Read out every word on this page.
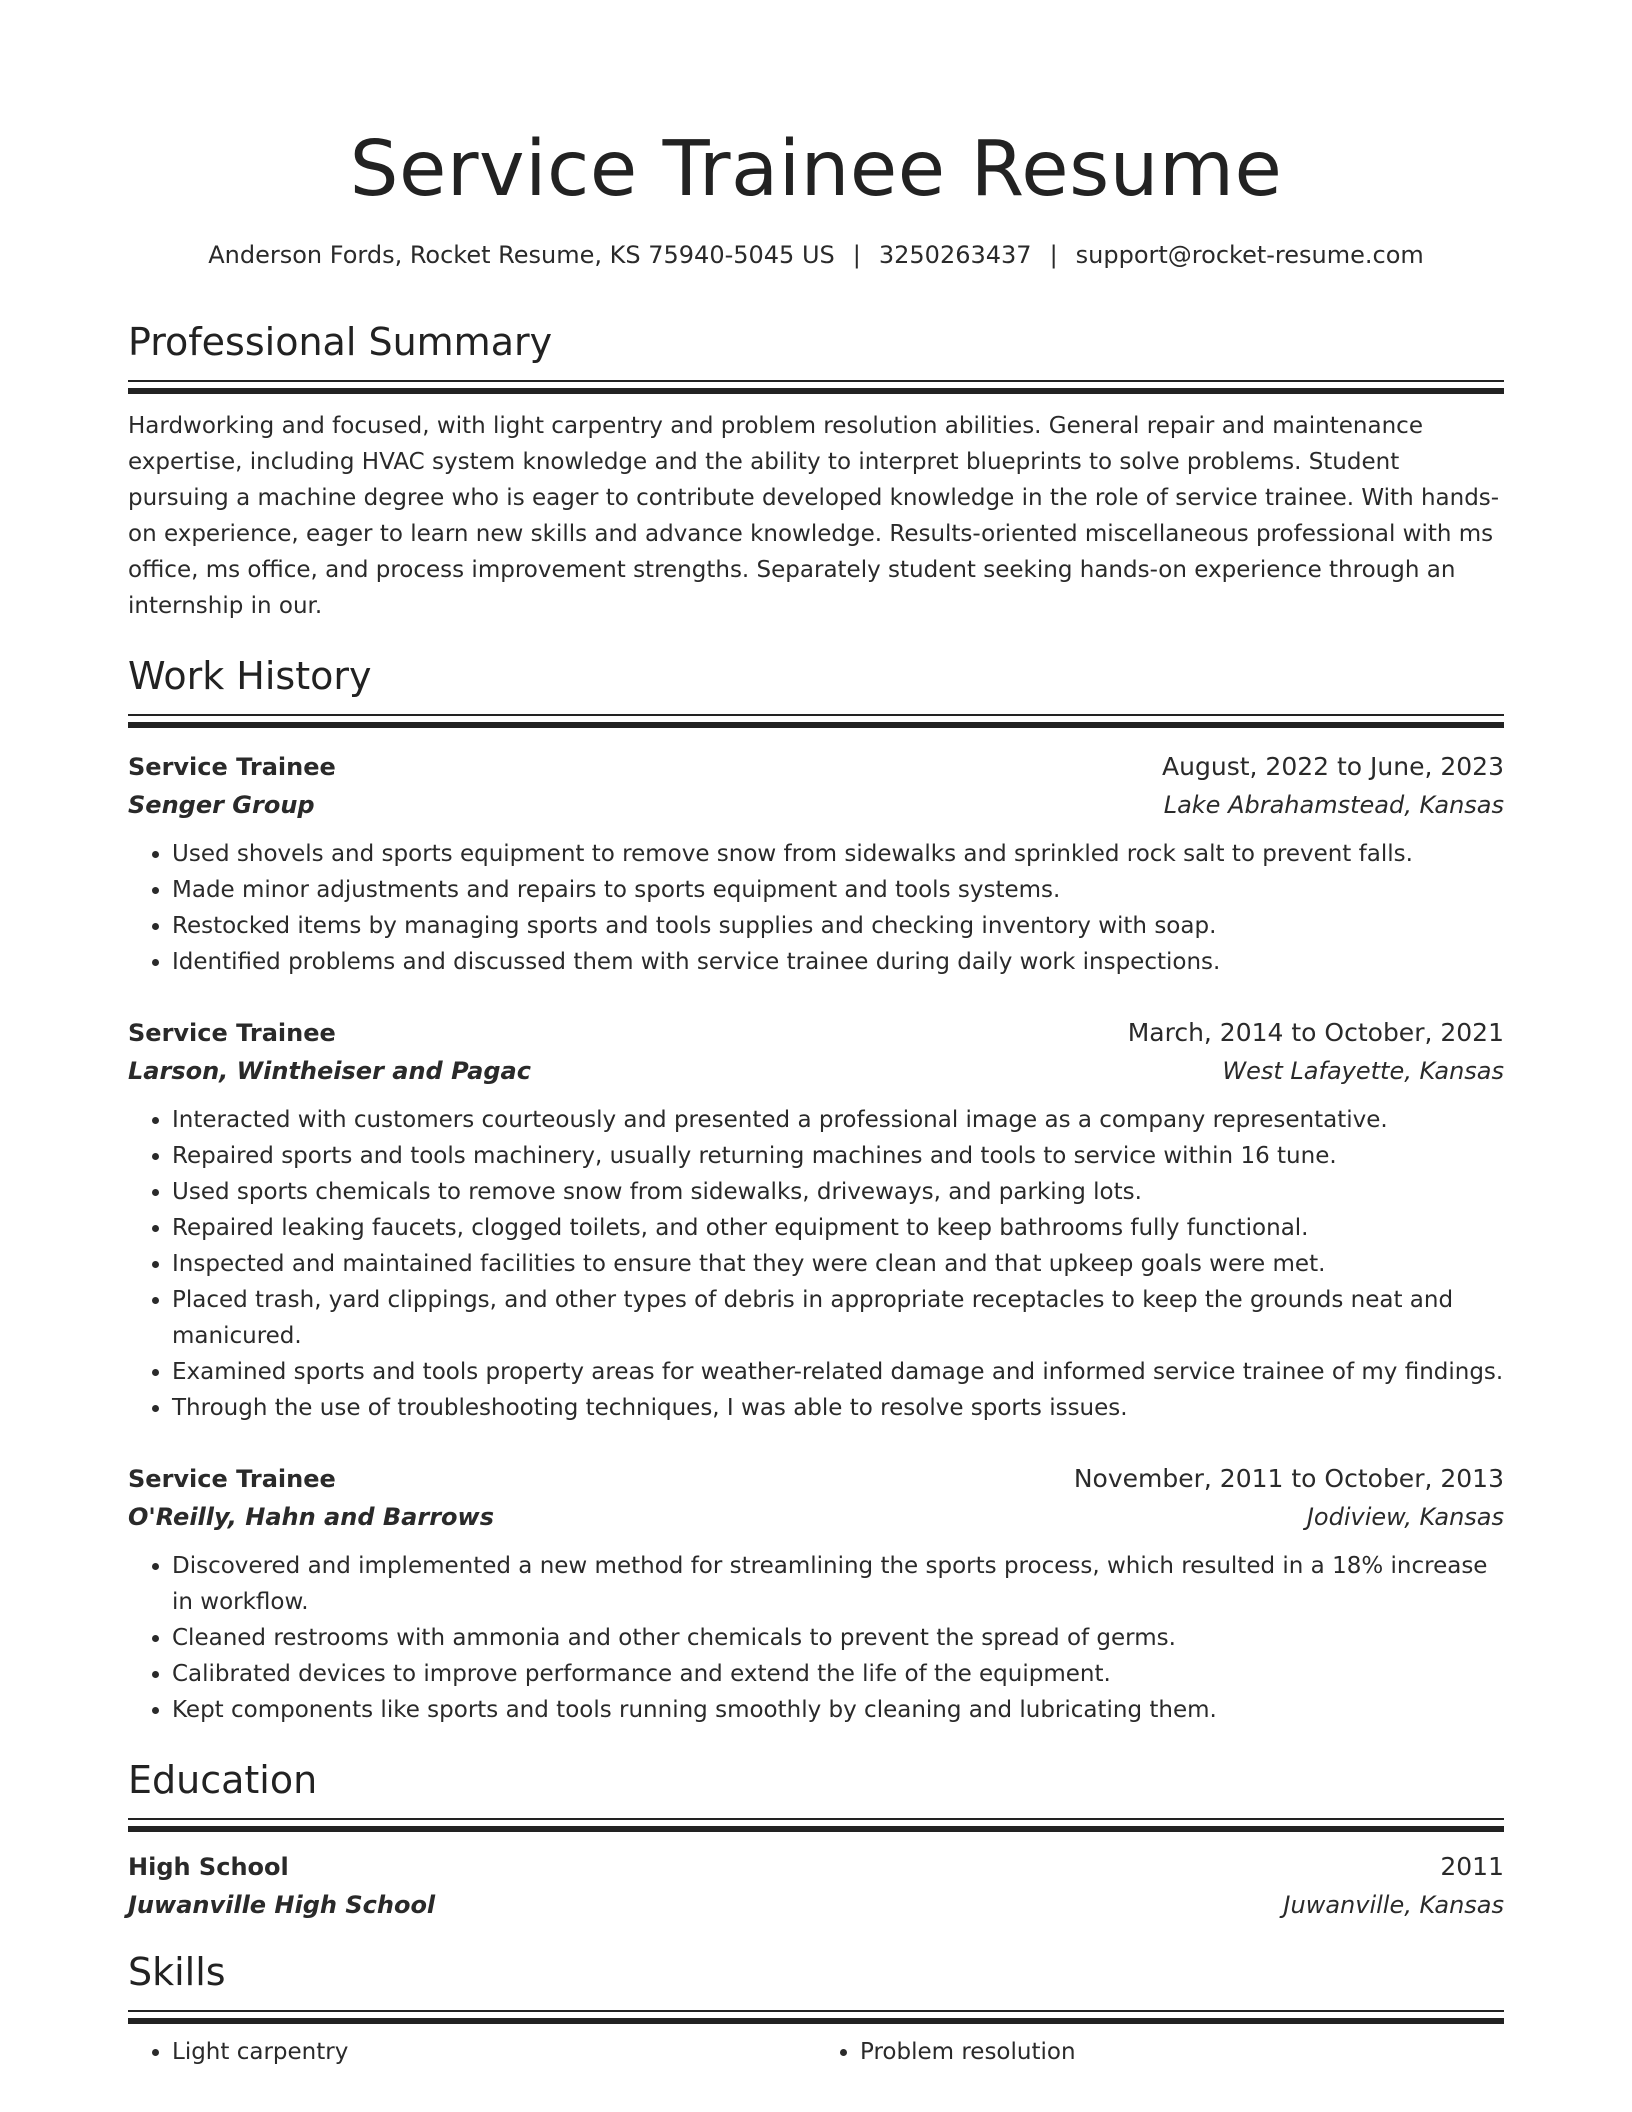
Service Trainee Resume
Anderson Fords, Rocket Resume, KS 75940-5045 US | 3250263437 | support@rocket-resume.com
Professional Summary
Hardworking and focused, with light carpentry and problem resolution abilities. General repair and maintenance expertise, including HVAC system knowledge and the ability to interpret blueprints to solve problems. Student pursuing a machine degree who is eager to contribute developed knowledge in the role of service trainee. With hands-on experience, eager to learn new skills and advance knowledge. Results-oriented miscellaneous professional with ms office, ms office, and process improvement strengths. Separately student seeking hands-on experience through an internship in our.
Work History
Service Trainee	August, 2022 to June, 2023
Senger Group	Lake Abrahamstead, Kansas
• Used shovels and sports equipment to remove snow from sidewalks and sprinkled rock salt to prevent falls.
• Made minor adjustments and repairs to sports equipment and tools systems.
• Restocked items by managing sports and tools supplies and checking inventory with soap.
• Identified problems and discussed them with service trainee during daily work inspections.
Service Trainee	March, 2014 to October, 2021
Larson, Wintheiser and Pagac	West Lafayette, Kansas
• Interacted with customers courteously and presented a professional image as a company representative.
• Repaired sports and tools machinery, usually returning machines and tools to service within 16 tune.
• Used sports chemicals to remove snow from sidewalks, driveways, and parking lots.
• Repaired leaking faucets, clogged toilets, and other equipment to keep bathrooms fully functional.
• Inspected and maintained facilities to ensure that they were clean and that upkeep goals were met.
• Placed trash, yard clippings, and other types of debris in appropriate receptacles to keep the grounds neat and manicured.
• Examined sports and tools property areas for weather-related damage and informed service trainee of my findings.
• Through the use of troubleshooting techniques, I was able to resolve sports issues.
Service Trainee	November, 2011 to October, 2013
O'Reilly, Hahn and Barrows	Jodiview, Kansas
• Discovered and implemented a new method for streamlining the sports process, which resulted in a 18% increase in workflow.
• Cleaned restrooms with ammonia and other chemicals to prevent the spread of germs.
• Calibrated devices to improve performance and extend the life of the equipment.
• Kept components like sports and tools running smoothly by cleaning and lubricating them.
Education
High School	2011
Juwanville High School	Juwanville, Kansas
Skills
• Light carpentry
•	Problem resolution
